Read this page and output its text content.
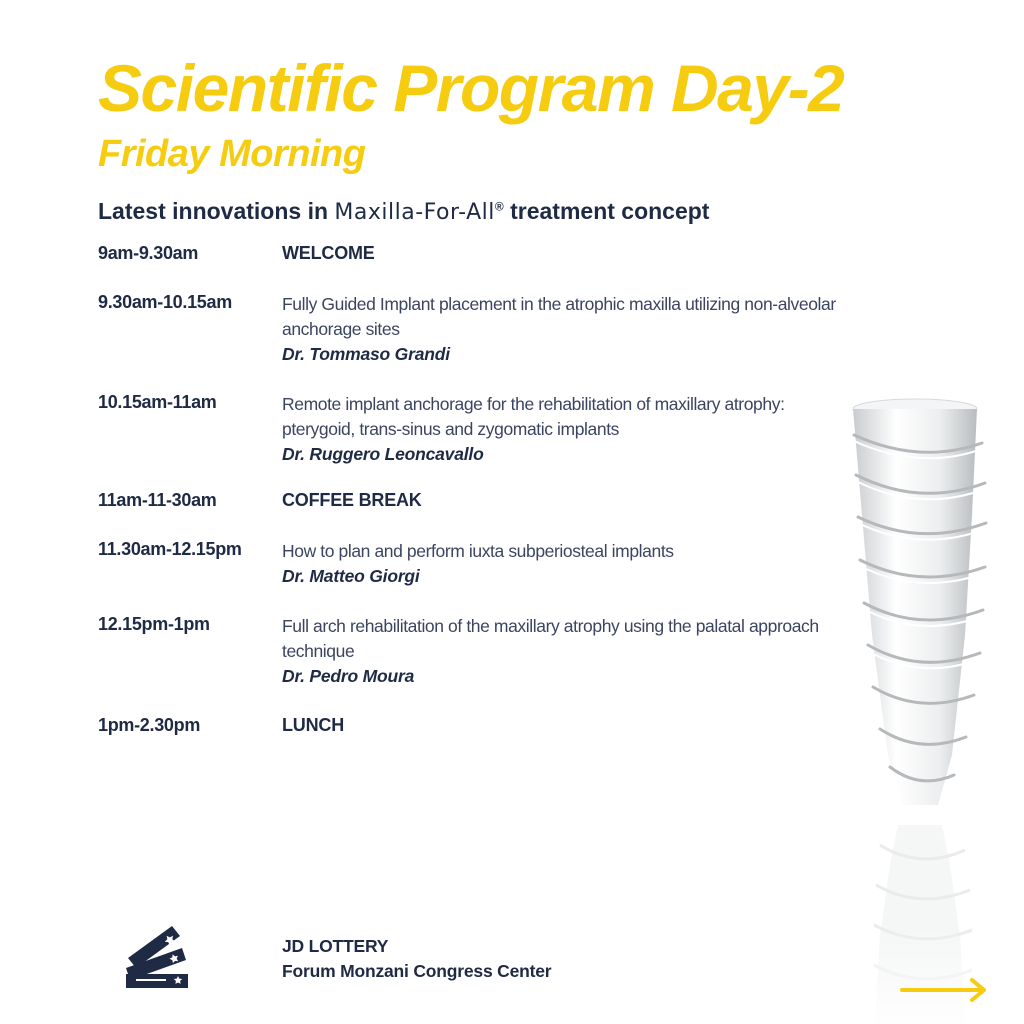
Scientific Program Day-2
Friday Morning
Latest innovations in Maxilla-For-All® treatment concept
9am-9.30am	WELCOME
9.30am-10.15am	Fully Guided Implant placement in the atrophic maxilla utilizing non-alveolar
anchorage sites
Dr. Tommaso Grandi
10.15am-11am	Remote implant anchorage for the rehabilitation of maxillary atrophy:
pterygoid, trans-sinus and zygomatic implants
Dr. Ruggero Leoncavallo
11am-11-30am	COFFEE BREAK
11.30am-12.15pm	How to plan and perform iuxta subperiosteal implants
Dr. Matteo Giorgi
12.15pm-1pm	Full arch rehabilitation of the maxillary atrophy using the palatal approach
technique
Dr. Pedro Moura
1pm-2.30pm	LUNCH
JD LOTTERY
Forum Monzani Congress Center
